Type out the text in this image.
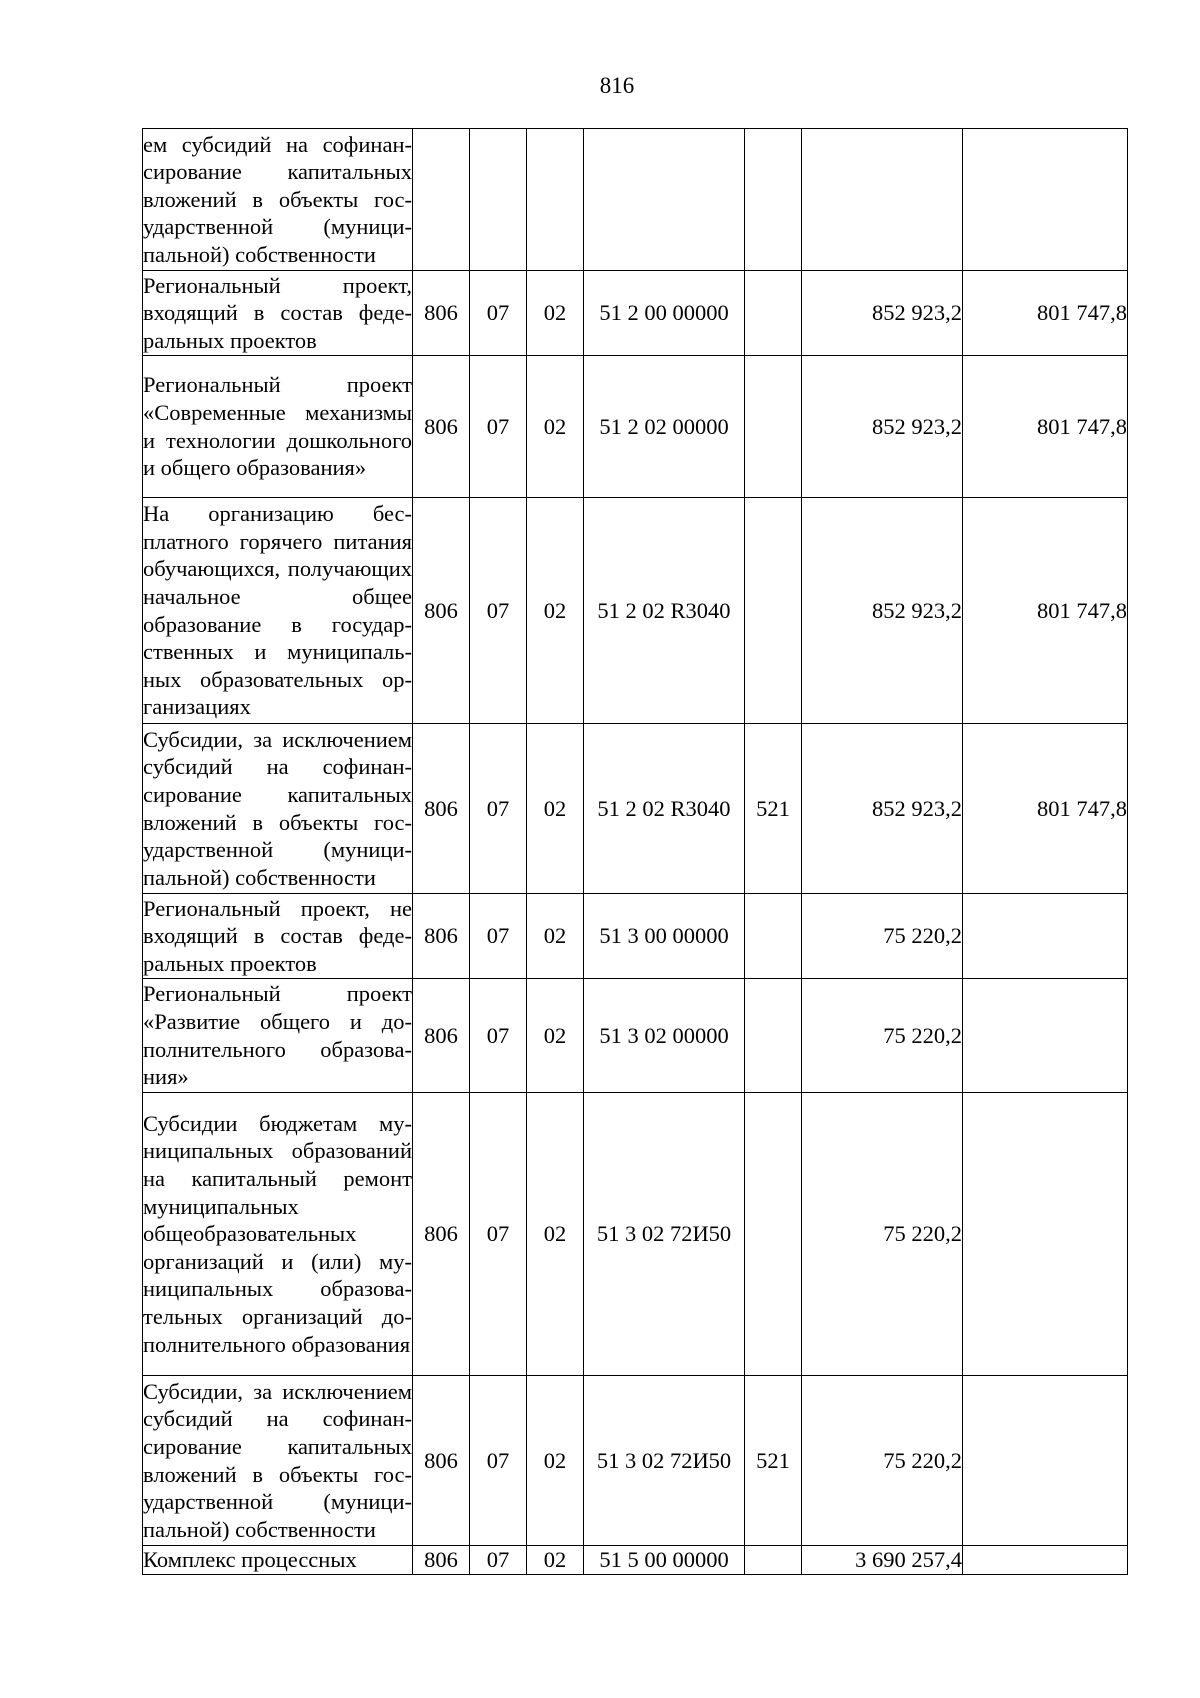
816
ем субсидий на софинансирование капитальных вложений в объекты государственной (муниципальной) собственности							
Региональный проект, входящий в состав федеральных проектов	806	07	02	51 2 00 00000		852 923,2	801 747,8
Региональный проект «Современные механизмы и технологии дошкольного и общего образования»	806	07	02	51 2 02 00000		852 923,2	801 747,8
На организацию бесплатного горячего питания обучающихся, получающих начальное общее образование в государственных и муниципальных образовательных организациях	806	07	02	51 2 02 R3040		852 923,2	801 747,8
Субсидии, за исключением субсидий на софинансирование капитальных вложений в объекты государственной (муниципальной) собственности	806	07	02	51 2 02 R3040	521	852 923,2	801 747,8
Региональный проект, не входящий в состав федеральных проектов	806	07	02	51 3 00 00000		75 220,2	
Региональный проект «Развитие общего и дополнительного образования»	806	07	02	51 3 02 00000		75 220,2	
Субсидии бюджетам муниципальных образований на капитальный ремонт муниципальных общеобразовательных организаций и (или) муниципальных образовательных организаций дополнительного образования	806	07	02	51 3 02 72И50		75 220,2	
Субсидии, за исключением субсидий на софинансирование капитальных вложений в объекты государственной (муниципальной) собственности	806	07	02	51 3 02 72И50	521	75 220,2	
Комплекс процессных	806	07	02	51 5 00 00000		3 690 257,4	
